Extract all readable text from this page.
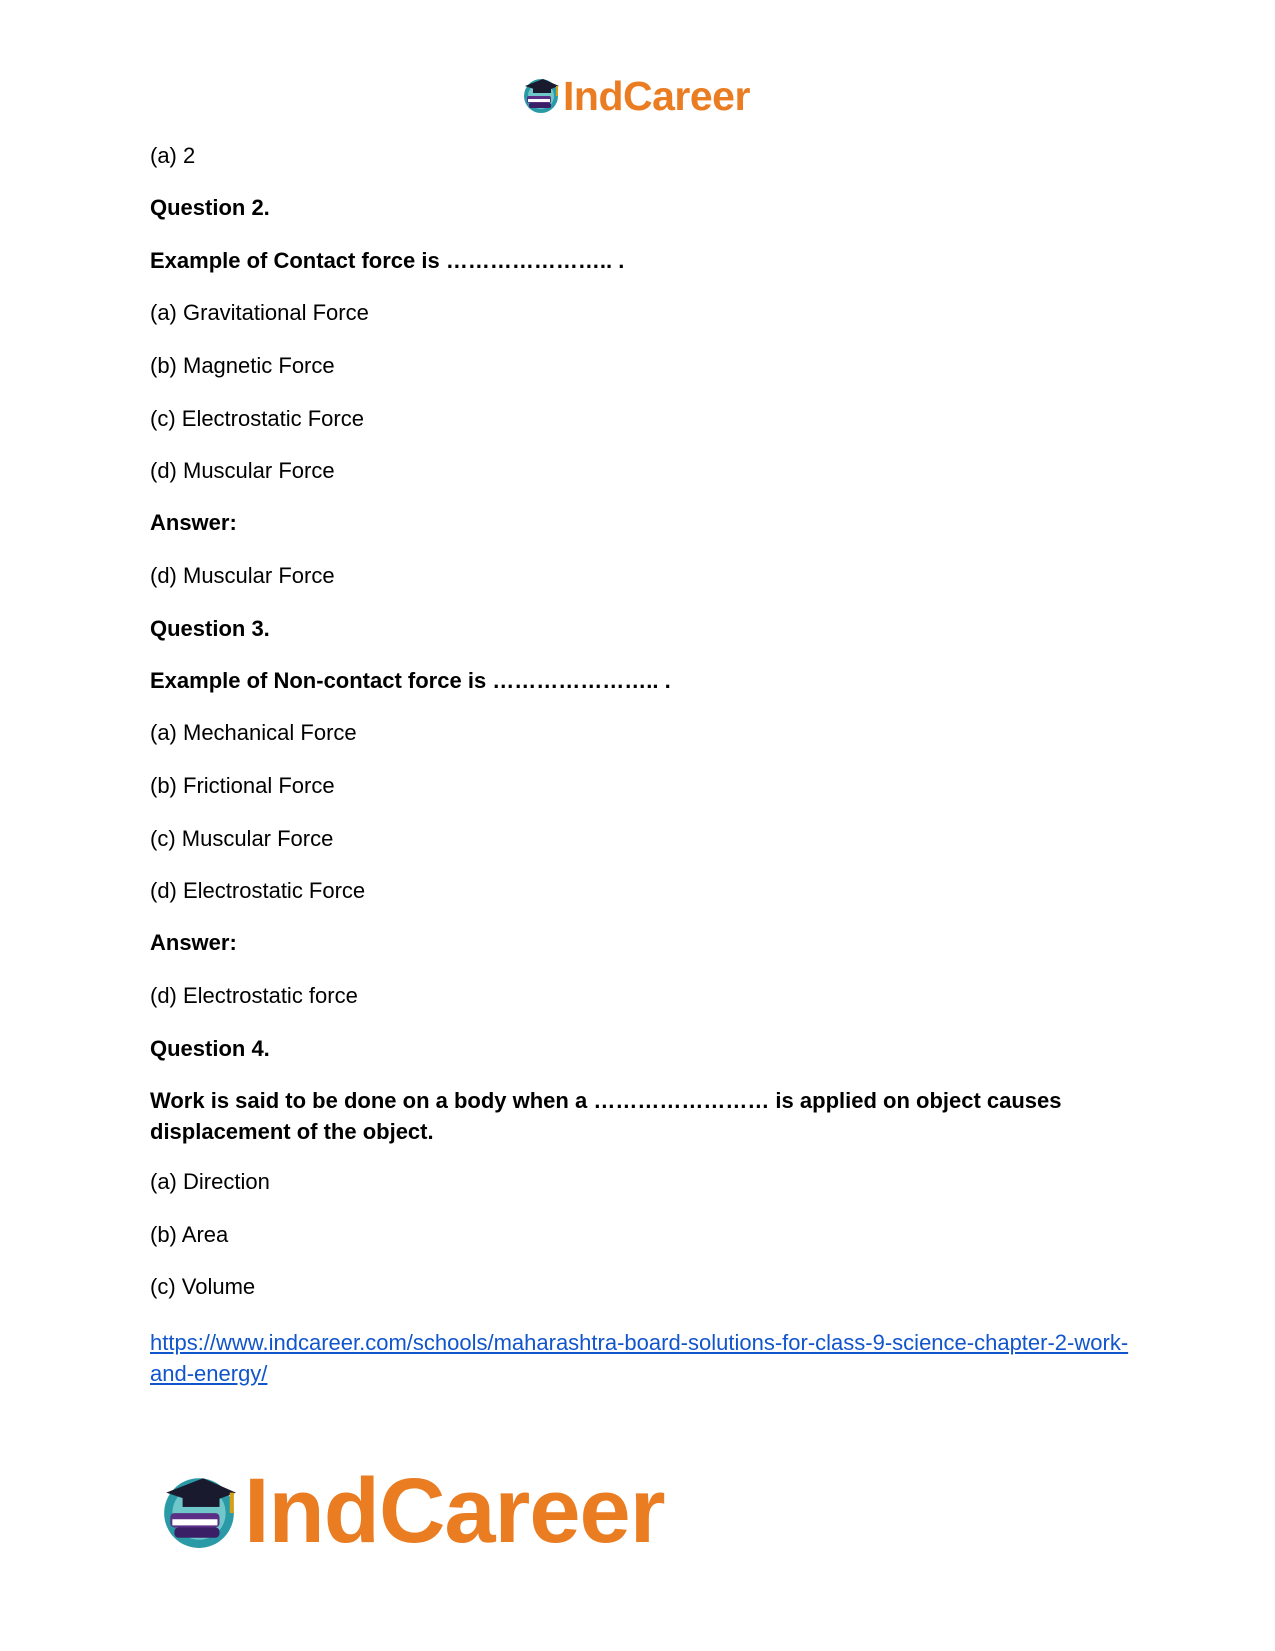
IndCareer
(a) 2
Question 2.
Example of Contact force is ………………….. .
(a) Gravitational Force
(b) Magnetic Force
(c) Electrostatic Force
(d) Muscular Force
Answer:
(d) Muscular Force
Question 3.
Example of Non-contact force is ………………….. .
(a) Mechanical Force
(b) Frictional Force
(c) Muscular Force
(d) Electrostatic Force
Answer:
(d) Electrostatic force
Question 4.
Work is said to be done on a body when a …………………… is applied on object causes displacement of the object.
(a) Direction
(b) Area
(c) Volume
https://www.indcareer.com/schools/maharashtra-board-solutions-for-class-9-science-chapter-2-work-and-energy/
IndCareer
